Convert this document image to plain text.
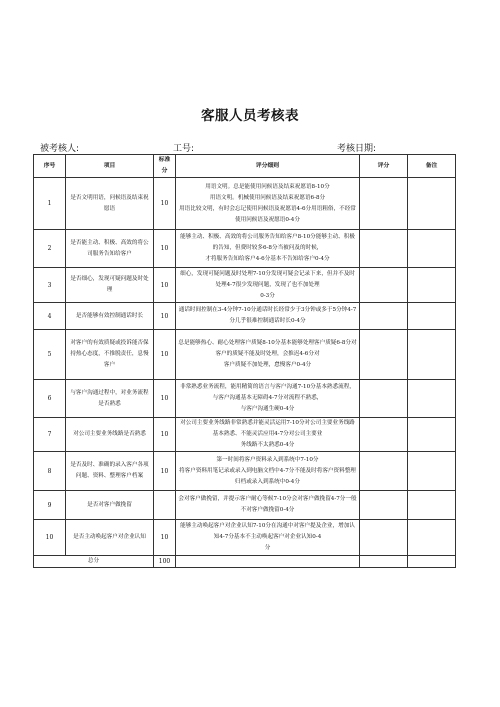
客服人员考核表
被考核人:	工号:	考核日期:
序号	项目	标准分	评分细则	评分	备注
1	是否文明用语，问候语及结束祝愿语	10	用语文明。总是能使用问候语及结束祝愿语8-10分
用语文明。机械使用问候语及结束祝愿语6-8分
用语比较文明，有时会忘记使用问候语及祝愿语4-6分用语粗俗，不经常使用问候语及祝愿语0-4分		

2	是否能主动、积极、高效的将公司服务告知给客户	10	能够主动、积极、高效的将公司服务告知给客户8-10分能够主动、积极的告知，但费时较多6-8分当被问及的时候，
才将服务告知给客户4-6分基本不告知给客户0-4分		

3	是否细心，发现可疑问题及时处理	10	细心，发现可疑问题及时处理7-10分发现可疑会记录下来，但并不及时处理4-7很少发现问题，发现了也不加处理
0-3分		

4	是否能够有效控制通话时长	10	通话时间控制在3-4分钟7-10分通话时长经常少于3分钟或多于5分钟4-7分几乎很难控制通话时长0-4分		

5	对客户的有效质疑或投诉能否保持热心态度，不推脱责任，息慢客户	10	总是能够热心、耐心处理客户质疑8-10分基本能够处理客户质疑6-8分对客户的质疑不能及时处理，会推迟4-6分对
客户质疑不加处理，怠慢客户0-4分		

6	与客户沟通过程中，对业务流程是否熟悉	10	非常熟悉业务流程，能用精简的语言与客户沟通7-10分基本熟悉流程，与客户沟通基本无障碍4-7分对流程不熟悉，
与客户沟通生硬0-4分		

7	对公司主要业务线路是否熟悉	10	对公司主要业务线路非常熟悉并能灵活运用7-10分对公司主要业务线路基本熟悉、不能灵活应用4-7分对公司主要业
务线路不太熟悉0-4分		

8	是否及时、准确的录入客户各项问题、资料、整理客户档案	10	第一时间将客户资料录入到系统中7-10分
将客户资料用笔记录或录入到电脑文档中4-7分不能及时将客户资料整理归档或录入到系统中0-4分		

9	是否对客户做挽留		会对客户做挽留，并提示客户耐心等候7-10分会对客户做挽留4-7分一般不对客户做挽留0-4分		

10	是否主动唤起客户对企业认知	10	能够主动唤起客户对企业认知7-10分在沟通中对客户提及企业，增加认知4-7分基本不主动唤起客户对企业认知0-4
分		

总分		100			
